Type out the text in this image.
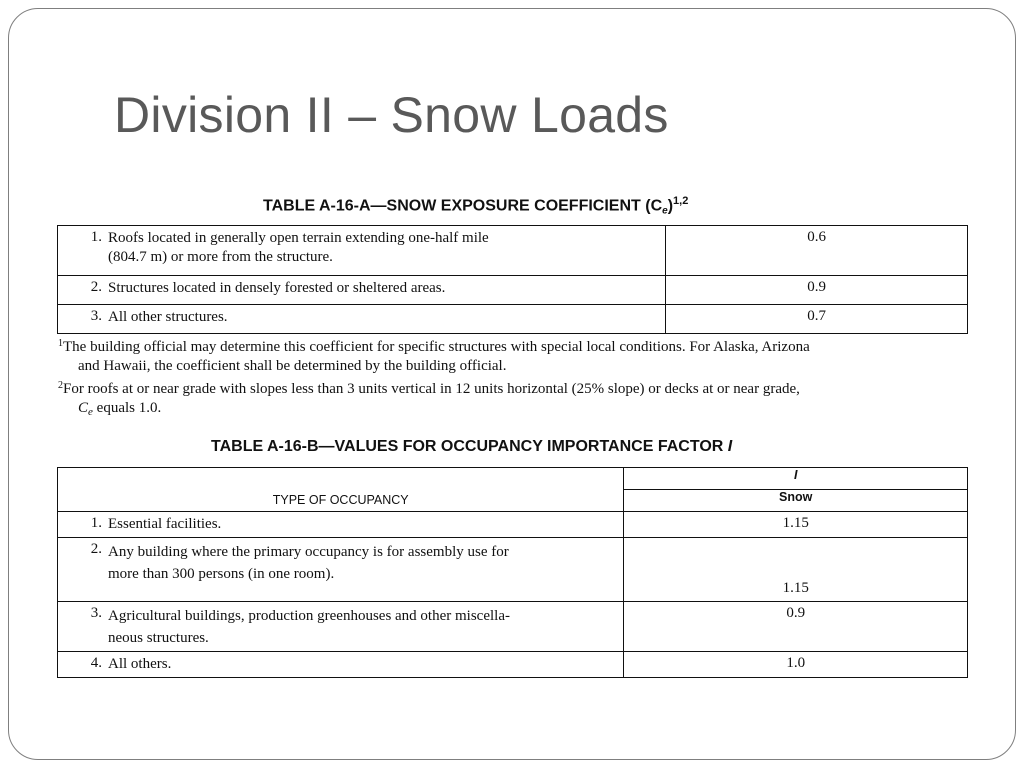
Division II – Snow Loads
TABLE A-16-A—SNOW EXPOSURE COEFFICIENT $(C_e)^{1,2}$
1. Roofs located in generally open terrain extending one-half mile
(804.7 m) or more from the structure.	0.6

2. Structures located in densely forested or sheltered areas.	0.9

3. All other structures.	0.7
$^1$The building official may determine this coefficient for specific structures with special local conditions. For Alaska, Arizona
and Hawaii, the coefficient shall be determined by the building official.
$^2$For roofs at or near grade with slopes less than 3 units vertical in 12 units horizontal (25% slope) or decks at or near grade,
$C_e$ equals 1.0.
TABLE A-16-B—VALUES FOR OCCUPANCY IMPORTANCE FACTOR I
TYPE OF OCCUPANCY	I
	Snow

1. Essential facilities.	1.15

2. Any building where the primary occupancy is for assembly use for
more than 300 persons (in one room).	1.15

3. Agricultural buildings, production greenhouses and other miscella-
neous structures.	0.9

4. All others.	1.0
